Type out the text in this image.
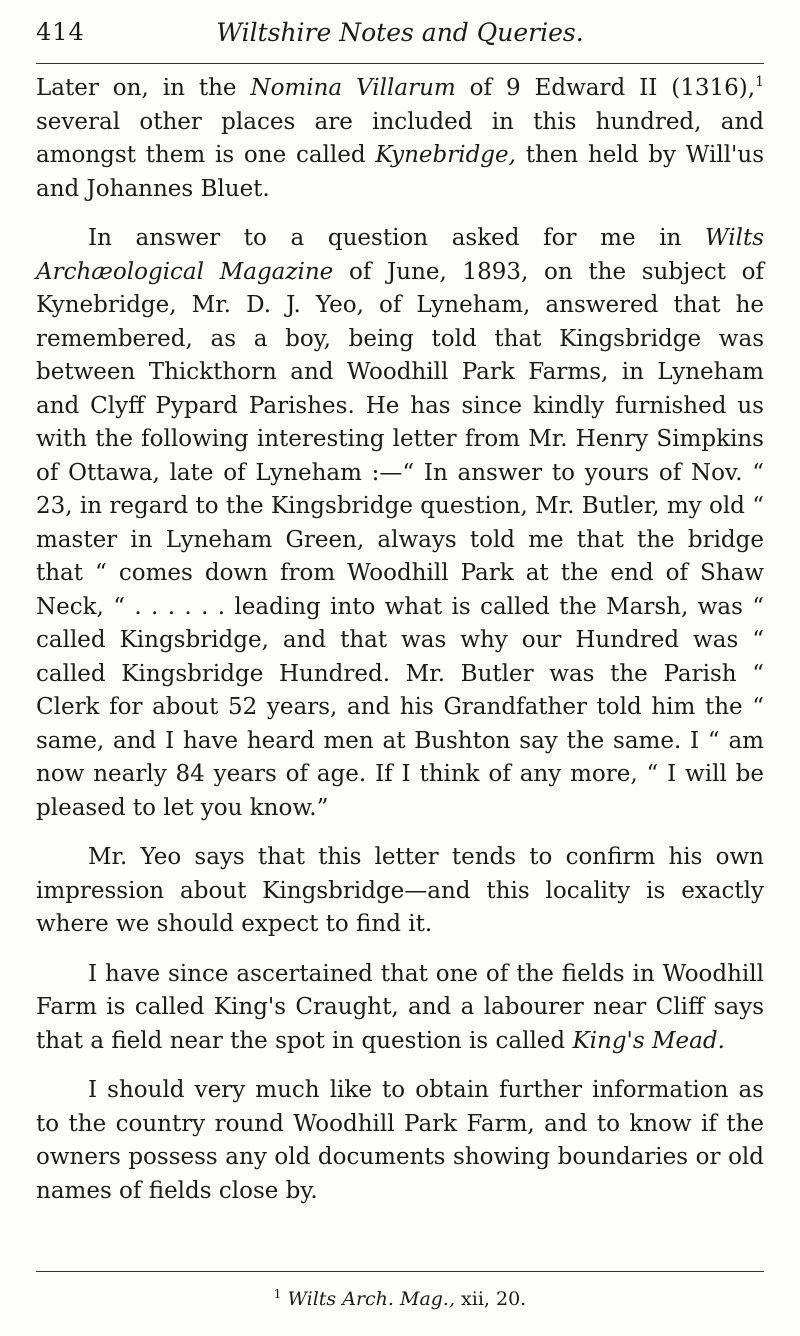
414	Wiltshire Notes and Queries.

Later on, in the Nomina Villarum of 9 Edward II (1316),$^1$ several other places are included in this hundred, and amongst them is one called Kynebridge, then held by Will'us and Johannes Bluet.

In answer to a question asked for me in Wilts Archæological Magazine of June, 1893, on the subject of Kynebridge, Mr. D. J. Yeo, of Lyneham, answered that he remembered, as a boy, being told that Kingsbridge was between Thickthorn and Woodhill Park Farms, in Lyneham and Clyff Pypard Parishes. He has since kindly furnished us with the following interesting letter from Mr. Henry Simpkins of Ottawa, late of Lyneham :—“ In answer to yours of Nov. “ 23, in regard to the Kingsbridge question, Mr. Butler, my old “ master in Lyneham Green, always told me that the bridge that “ comes down from Woodhill Park at the end of Shaw Neck, “ . . . . . . leading into what is called the Marsh, was “ called Kingsbridge, and that was why our Hundred was “ called Kingsbridge Hundred. Mr. Butler was the Parish “ Clerk for about 52 years, and his Grandfather told him the “ same, and I have heard men at Bushton say the same. I “ am now nearly 84 years of age. If I think of any more, “ I will be pleased to let you know.”

Mr. Yeo says that this letter tends to confirm his own impression about Kingsbridge—and this locality is exactly where we should expect to find it.

I have since ascertained that one of the fields in Woodhill Farm is called King's Craught, and a labourer near Cliff says that a field near the spot in question is called King's Mead.

I should very much like to obtain further information as to the country round Woodhill Park Farm, and to know if the owners possess any old documents showing boundaries or old names of fields close by.

$^1$ Wilts Arch. Mag., xii, 20.
